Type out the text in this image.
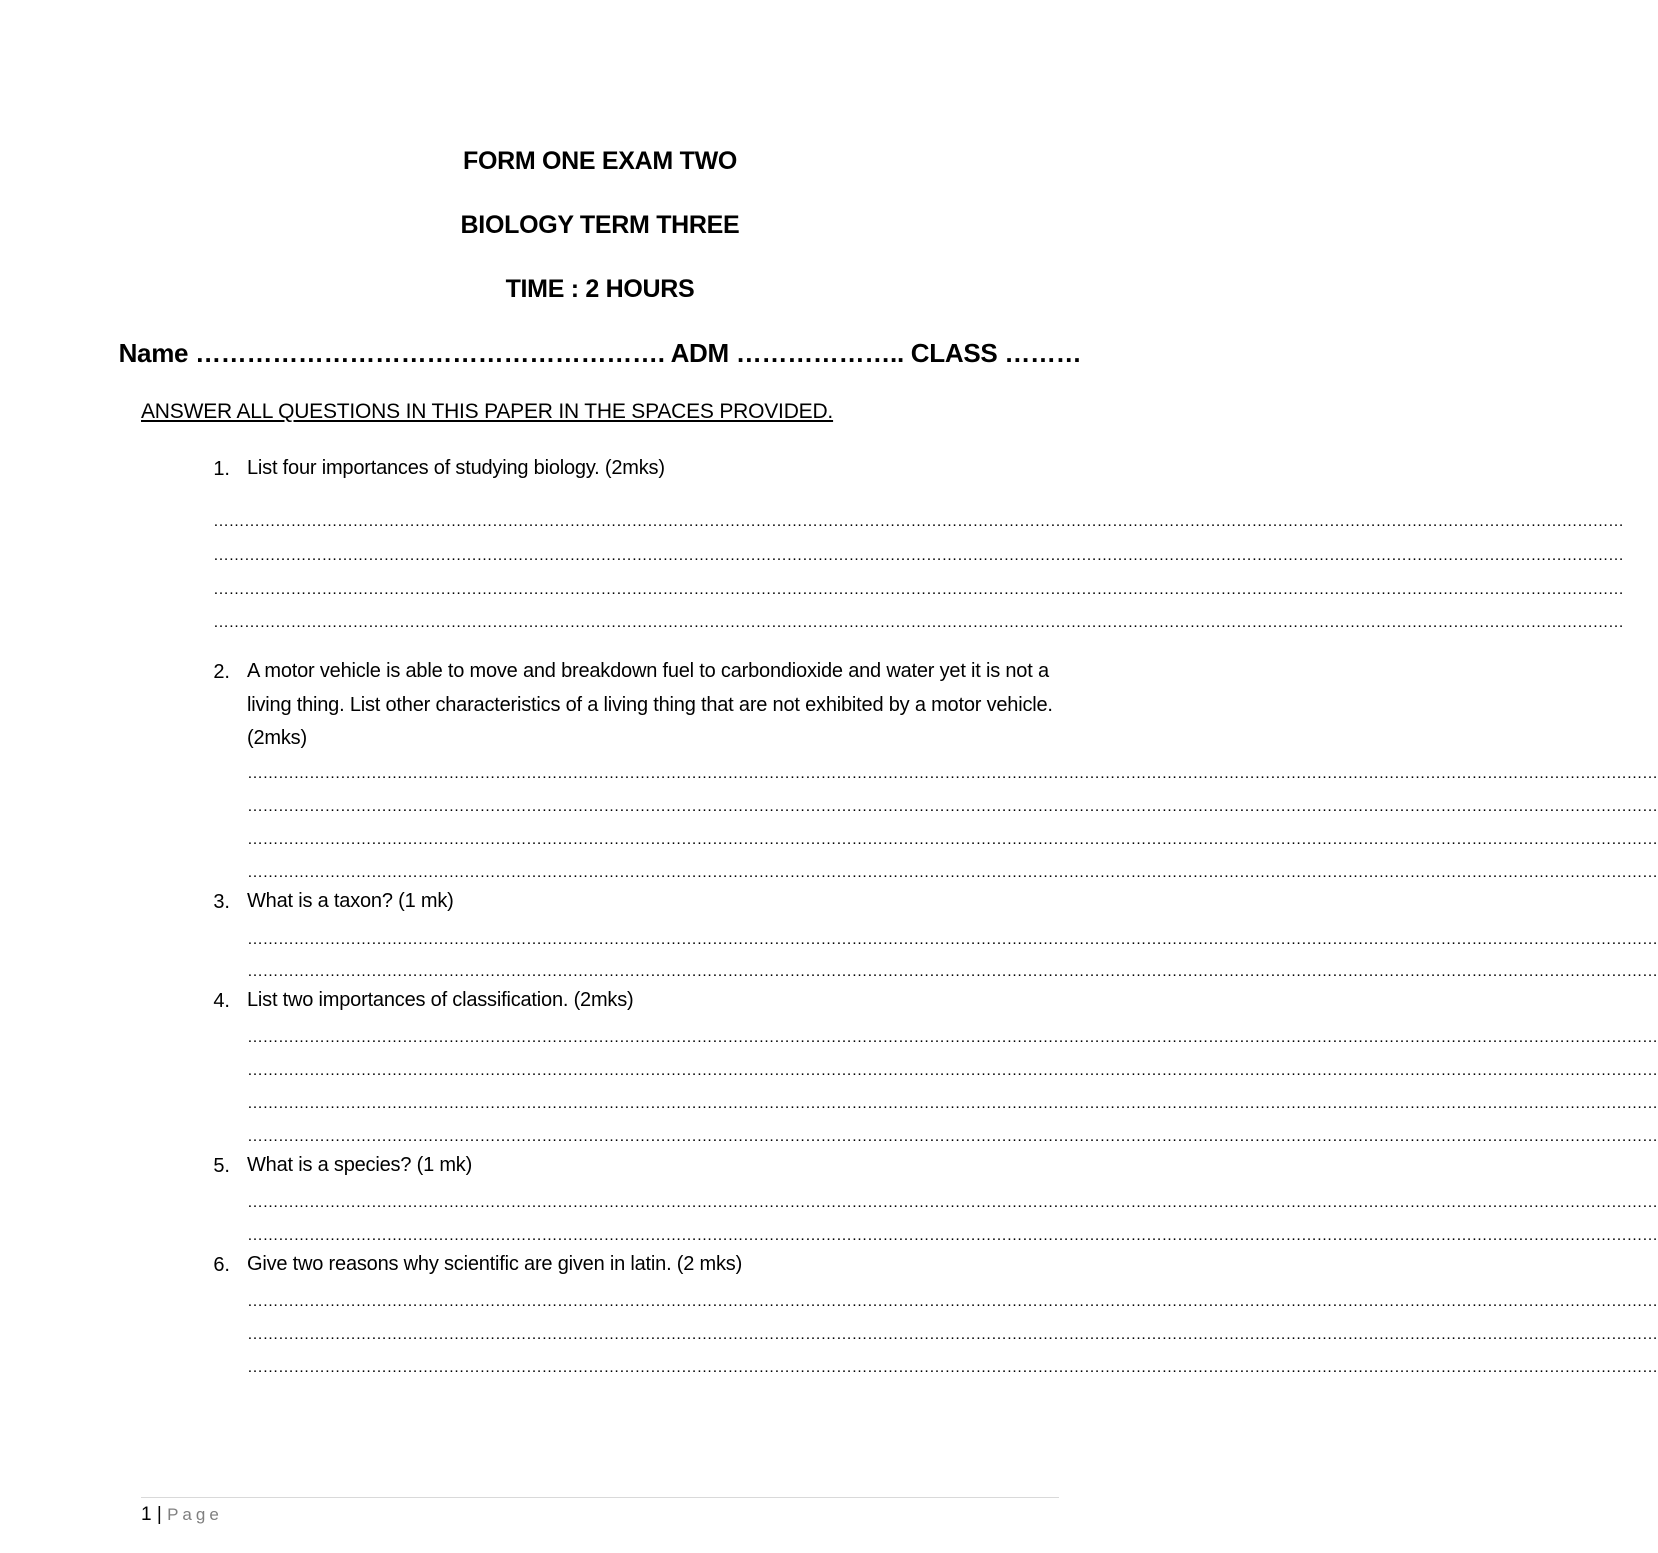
FORM ONE EXAM TWO
BIOLOGY TERM THREE
TIME : 2 HOURS
Name ………………………………………………. ADM ……………….. CLASS ………
ANSWER ALL QUESTIONS IN THIS PAPER IN THE SPACES PROVIDED.
1. List four importances of studying biology. (2mks)
…………………………………………………………………………………………………………………………………………………………………………………………………………………………………………………
…………………………………………………………………………………………………………………………………………………………………………………………………………………………………………………
…………………………………………………………………………………………………………………………………………………………………………………………………………………………………………………
…………………………………………………………………………………………………………………………………………………………………………………………………………………………………………………
2. A motor vehicle is able to move and breakdown fuel to carbondioxide and water yet it is not a living thing. List other characteristics of a living thing that are not exhibited by a motor vehicle. (2mks)
…………………………………………………………………………………………………………………………………………………………………………………………………………………………………………………
…………………………………………………………………………………………………………………………………………………………………………………………………………………………………………………
…………………………………………………………………………………………………………………………………………………………………………………………………………………………………………………
…………………………………………………………………………………………………………………………………………………………………………………………………………………………………………………
3. What is a taxon? (1 mk)
…………………………………………………………………………………………………………………………………………………………………………………………………………………………………………………
…………………………………………………………………………………………………………………………………………………………………………………………………………………………………………………
4. List two importances of classification. (2mks)
…………………………………………………………………………………………………………………………………………………………………………………………………………………………………………………
…………………………………………………………………………………………………………………………………………………………………………………………………………………………………………………
…………………………………………………………………………………………………………………………………………………………………………………………………………………………………………………
…………………………………………………………………………………………………………………………………………………………………………………………………………………………………………………
5. What is a species? (1 mk)
…………………………………………………………………………………………………………………………………………………………………………………………………………………………………………………
…………………………………………………………………………………………………………………………………………………………………………………………………………………………………………………
6. Give two reasons why scientific are given in latin. (2 mks)
…………………………………………………………………………………………………………………………………………………………………………………………………………………………………………………
…………………………………………………………………………………………………………………………………………………………………………………………………………………………………………………
…………………………………………………………………………………………………………………………………………………………………………………………………………………………………………………
1 | Page
